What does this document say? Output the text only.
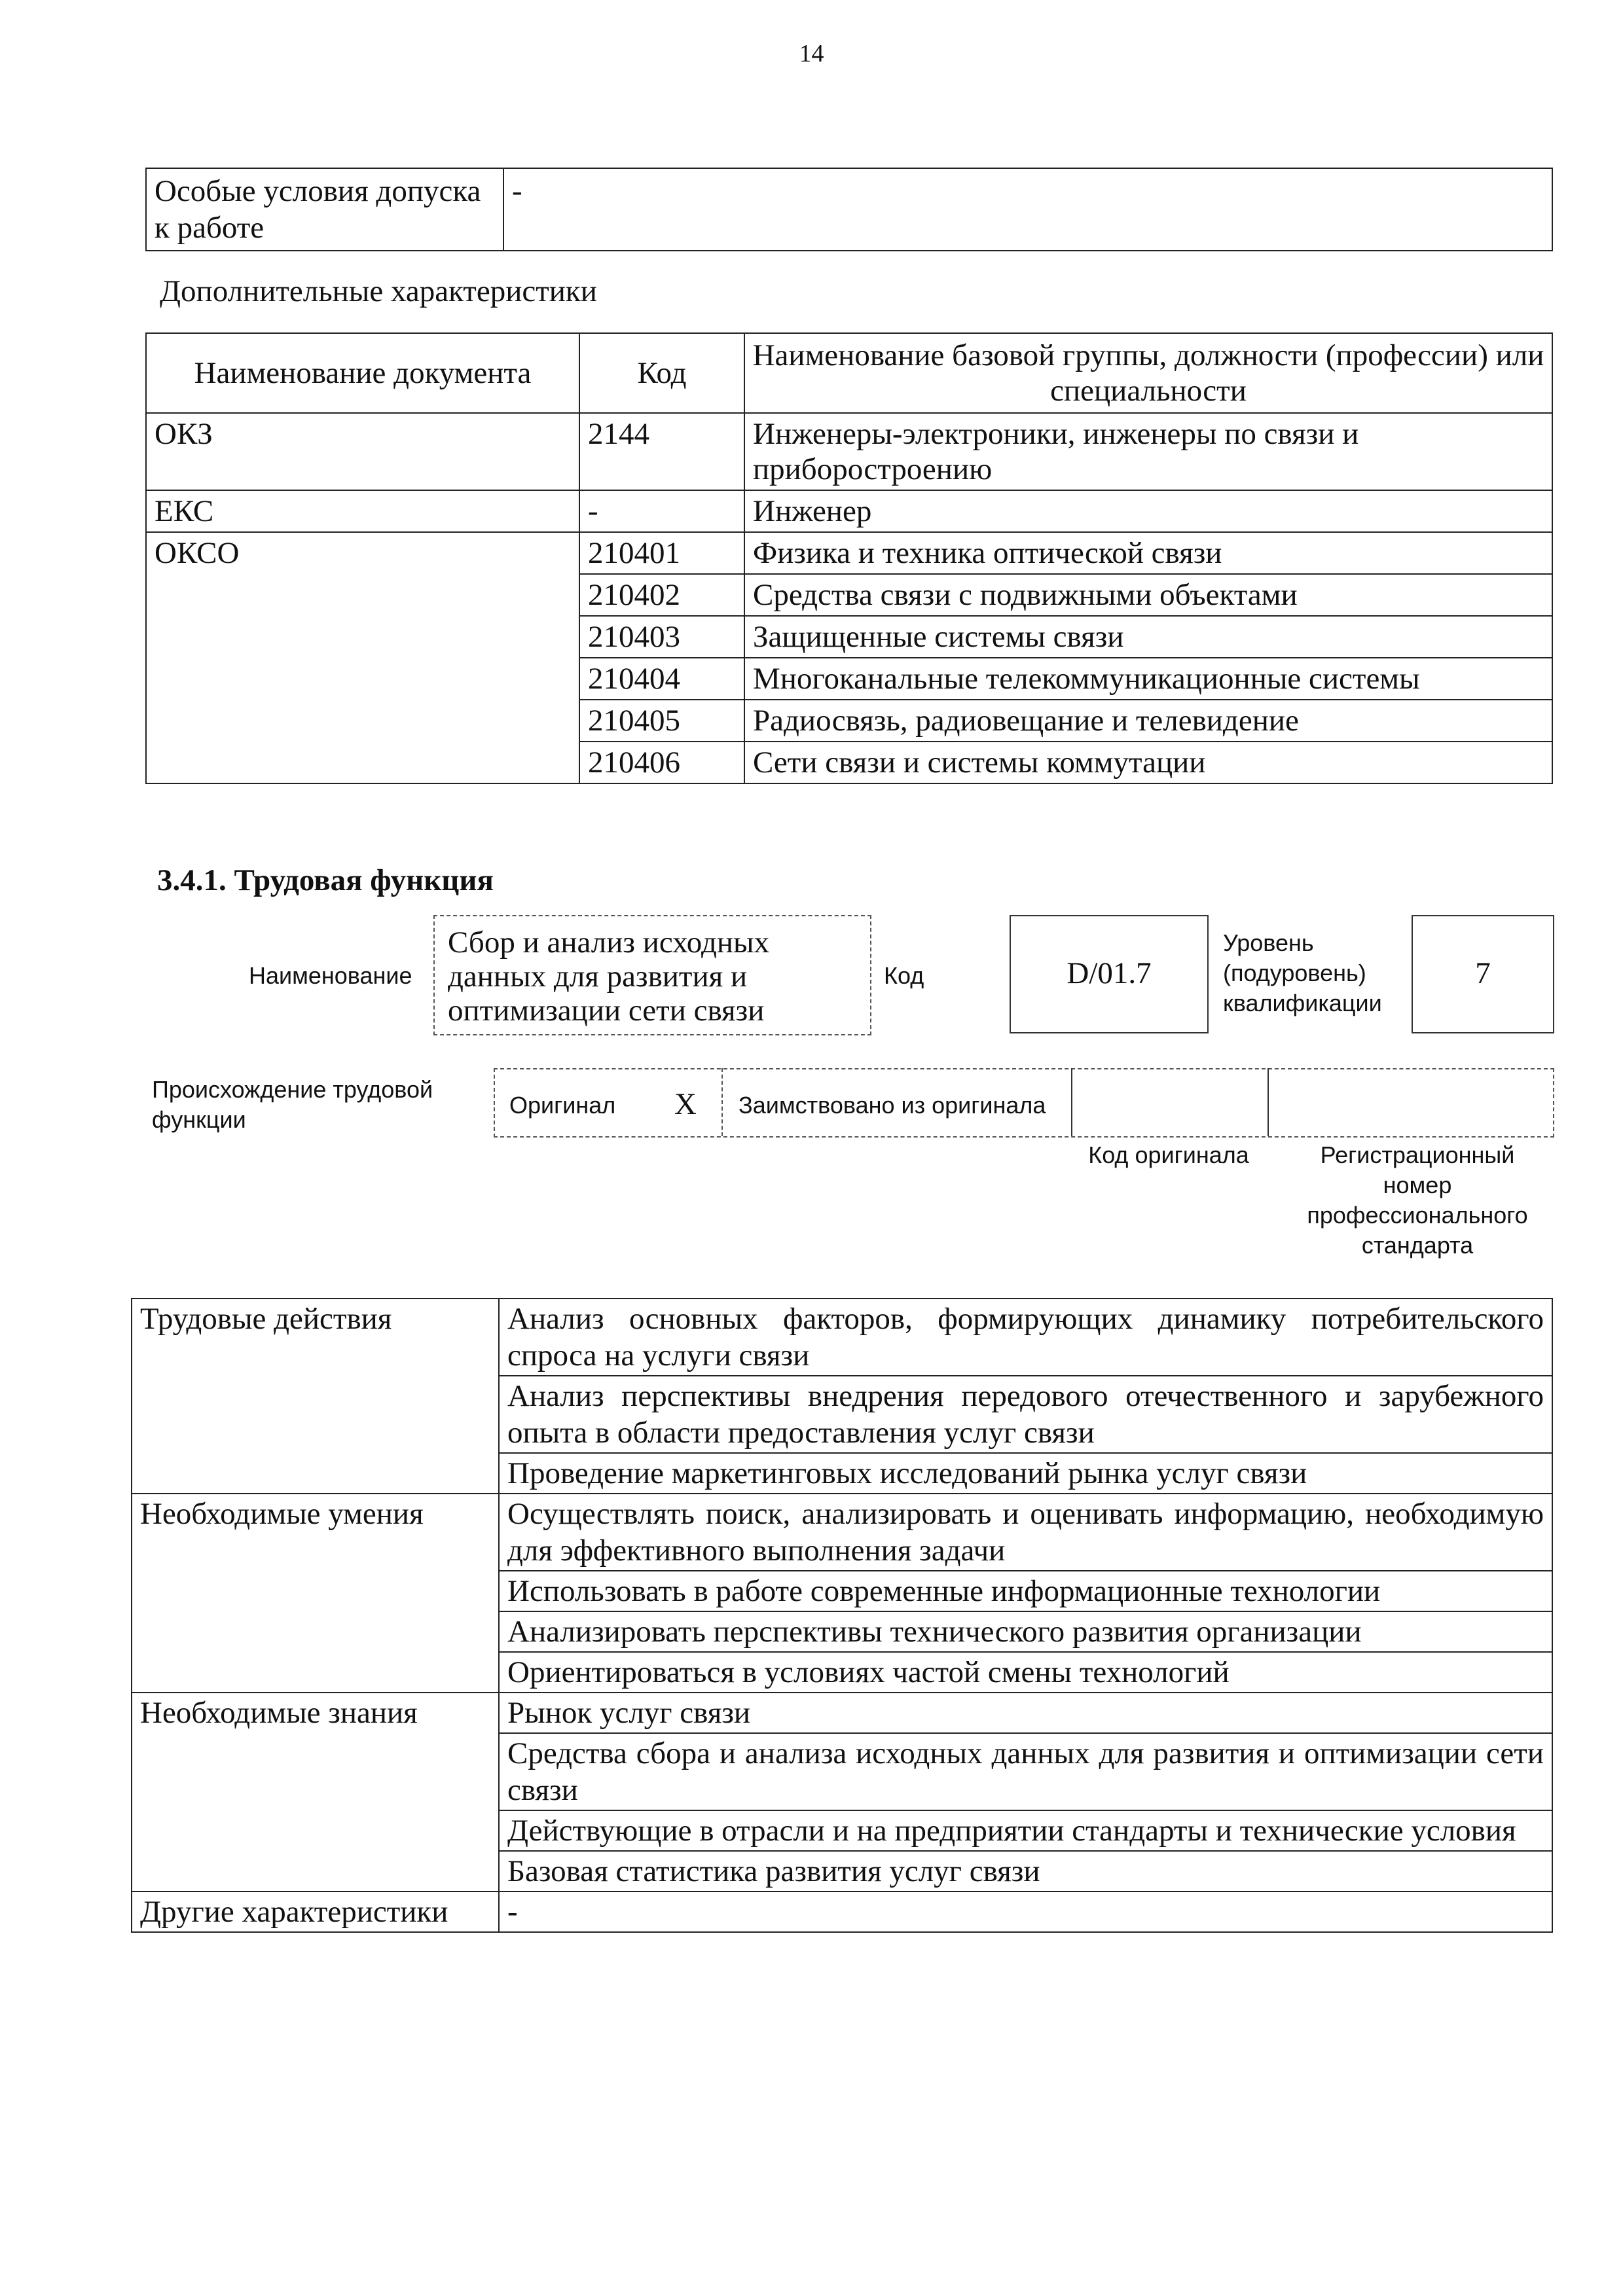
14
Особые условия допуска к работе	-
Дополнительные характеристики
Наименование документа	Код	Наименование базовой группы, должности (профессии) или специальности
ОКЗ	2144	Инженеры-электроники, инженеры по связи и приборостроению
ЕКС	-	Инженер
ОКСО	210401	Физика и техника оптической связи
	210402	Средства связи с подвижными объектами
	210403	Защищенные системы связи
	210404	Многоканальные телекоммуникационные системы
	210405	Радиосвязь, радиовещание и телевидение
	210406	Сети связи и системы коммутации
3.4.1. Трудовая функция
Наименование
Сбор и анализ исходных данных для развития и оптимизации сети связи
Код	D/01.7
Уровень (подуровень) квалификации
7
Происхождение трудовой функции
Оригинал X Заимствовано из оригинала
Код оригинала	Регистрационный номер профессионального стандарта
Трудовые действия	Анализ основных факторов, формирующих динамику потребительского спроса на услуги связи
	Анализ перспективы внедрения передового отечественного и зарубежного опыта в области предоставления услуг связи
	Проведение маркетинговых исследований рынка услуг связи
Необходимые умения	Осуществлять поиск, анализировать и оценивать информацию, необходимую для эффективного выполнения задачи
	Использовать в работе современные информационные технологии
	Анализировать перспективы технического развития организации
	Ориентироваться в условиях частой смены технологий
Необходимые знания	Рынок услуг связи
	Средства сбора и анализа исходных данных для развития и оптимизации сети связи
	Действующие в отрасли и на предприятии стандарты и технические условия
	Базовая статистика развития услуг связи
Другие характеристики	-
